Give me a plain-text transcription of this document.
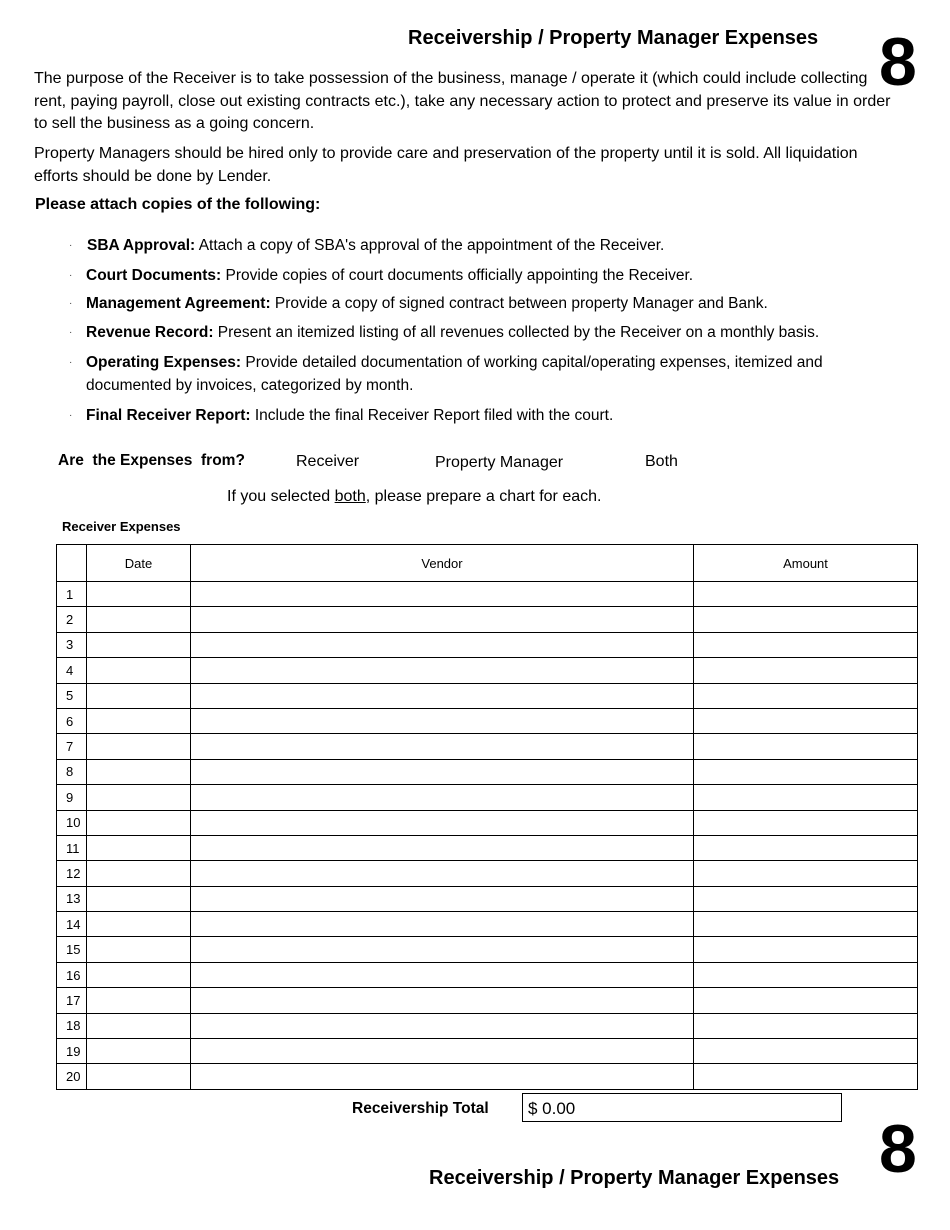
Receivership / Property Manager Expenses 8
The purpose of the Receiver is to take possession of the business, manage / operate it (which could include collecting rent, paying payroll, close out existing contracts etc.), take any necessary action to protect and preserve its value in order to sell the business as a going concern.
Property Managers should be hired only to provide care and preservation of the property until it is sold. All liquidation efforts should be done by Lender.
Please attach copies of the following:
· SBA Approval: Attach a copy of SBA's approval of the appointment of the Receiver.
· Court Documents: Provide copies of court documents officially appointing the Receiver.
· Management Agreement: Provide a copy of signed contract between property Manager and Bank.
· Revenue Record: Present an itemized listing of all revenues collected by the Receiver on a monthly basis.
· Operating Expenses: Provide detailed documentation of working capital/operating expenses, itemized and documented by invoices, categorized by month.
· Final Receiver Report: Include the final Receiver Report filed with the court.
Are  the Expenses  from?	Receiver	Property Manager	Both
If you selected both, please prepare a chart for each.
Receiver Expenses
	Date	Vendor	Amount
1			
2			
3			
4			
5			
6			
7			
8			
9			
10			
11			
12			
13			
14			
15			
16			
17			
18			
19			
20			
Receivership Total	$ 0.00
8
Receivership / Property Manager Expenses
